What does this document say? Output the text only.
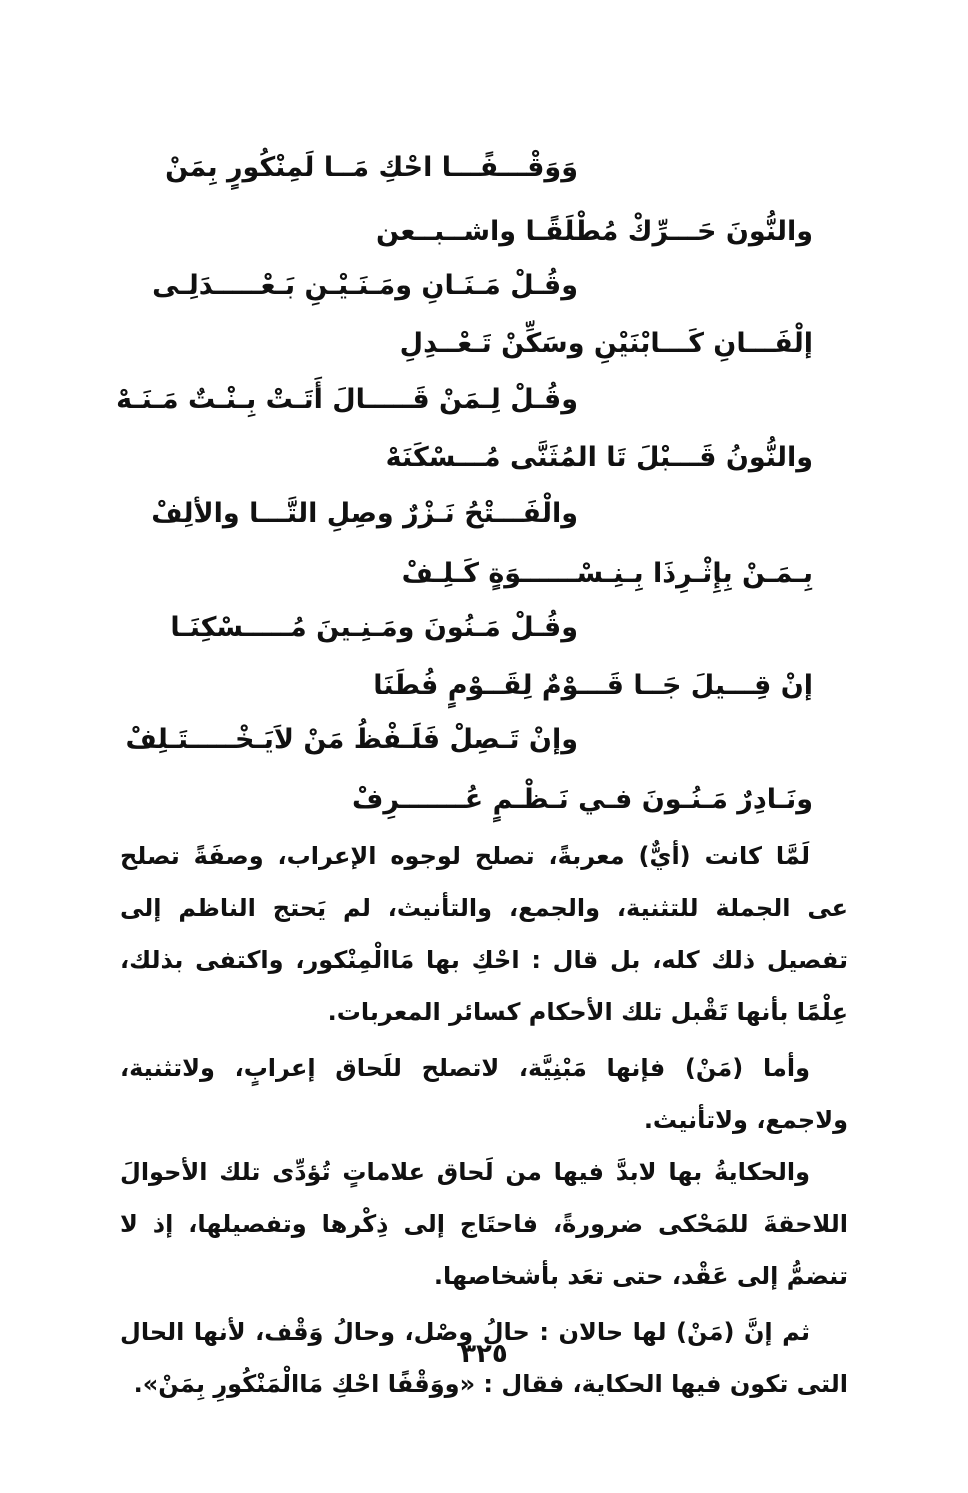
وَوَقْـــفًـــا احْكِ مَــا لَمِنْكُورٍ بِمَنْ
والنُّونَ حَـــرِّكْ مُطْلَقًـا واشــبــعن
وقُـلْ مَـنَـانِ ومَـنَـيْـنِ بَـعْـــــدَلِـى
إلْفَـــانِ كَـــابْنَيْنِ وسَكِّنْ تَـعْــدِلِ
وقُـلْ لِـمَنْ قَـــــالَ أَتَـتْ بِـنْـتٌ مَـنَـهْ
والنُّونُ قَـــبْلَ تَا المُثَنَّى مُـــسْكَنَهْ
والْفَـــتْحُ نَـزْرٌ وصِلِ التَّـــا والألِفْ
بِـمَـنْ بِإِثْـرِذَا بِـنِـسْــــــوَةٍ كَـلِـفْ
وقُـلْ مَـنُونَ ومَـنِـينَ مُـــــسْكِنَـا
إنْ قِـــيلَ جَــا قَـــوْمٌ لِقَــوْمٍ فُطَنَا
وإنْ تَـصِلْ فَلَـفْظُ مَنْ لاَيَـخْـــــتَـلِفْ
ونَـادِرٌ مَـنُـونَ فـي نَـظْـمٍ عُـــــــرِفْ

لَمَّا كانت (أيٌّ) معربةً، تصلح لوجوه الإعراب، وصفَةً تصلح عى الجملة للتثنية، والجمع، والتأنيث، لم يَحتج الناظم إلى تفصيل ذلك كله، بل قال : احْكِ بها مَاالْمِنْكور، واكتفى بذلك، عِلْمًا بأنها تَقْبل تلك الأحكام كسائر المعربات.

وأما (مَنْ) فإنها مَبْنِيَّة، لاتصلح للَحاق إعرابٍ، ولاتثنية، ولاجمع، ولاتأنيث.

والحكايةُ بها لابدَّ فيها من لَحاق علاماتٍ تُؤدِّى تلك الأحوالَ اللاحقةَ للمَحْكى ضرورةً، فاحتَاج إلى ذِكْرها وتفصيلها، إذ لا تنضمُّ إلى عَقْد، حتى تعَد بأشخاصها.

ثم إنَّ (مَنْ) لها حالان : حالُ وصْل، وحالُ وَقْف، لأنها الحال التى تكون فيها الحكاية، فقال : «ووَقْفًا احْكِ مَاالْمَنْكُورِ بِمَنْ».

٣٢٥
